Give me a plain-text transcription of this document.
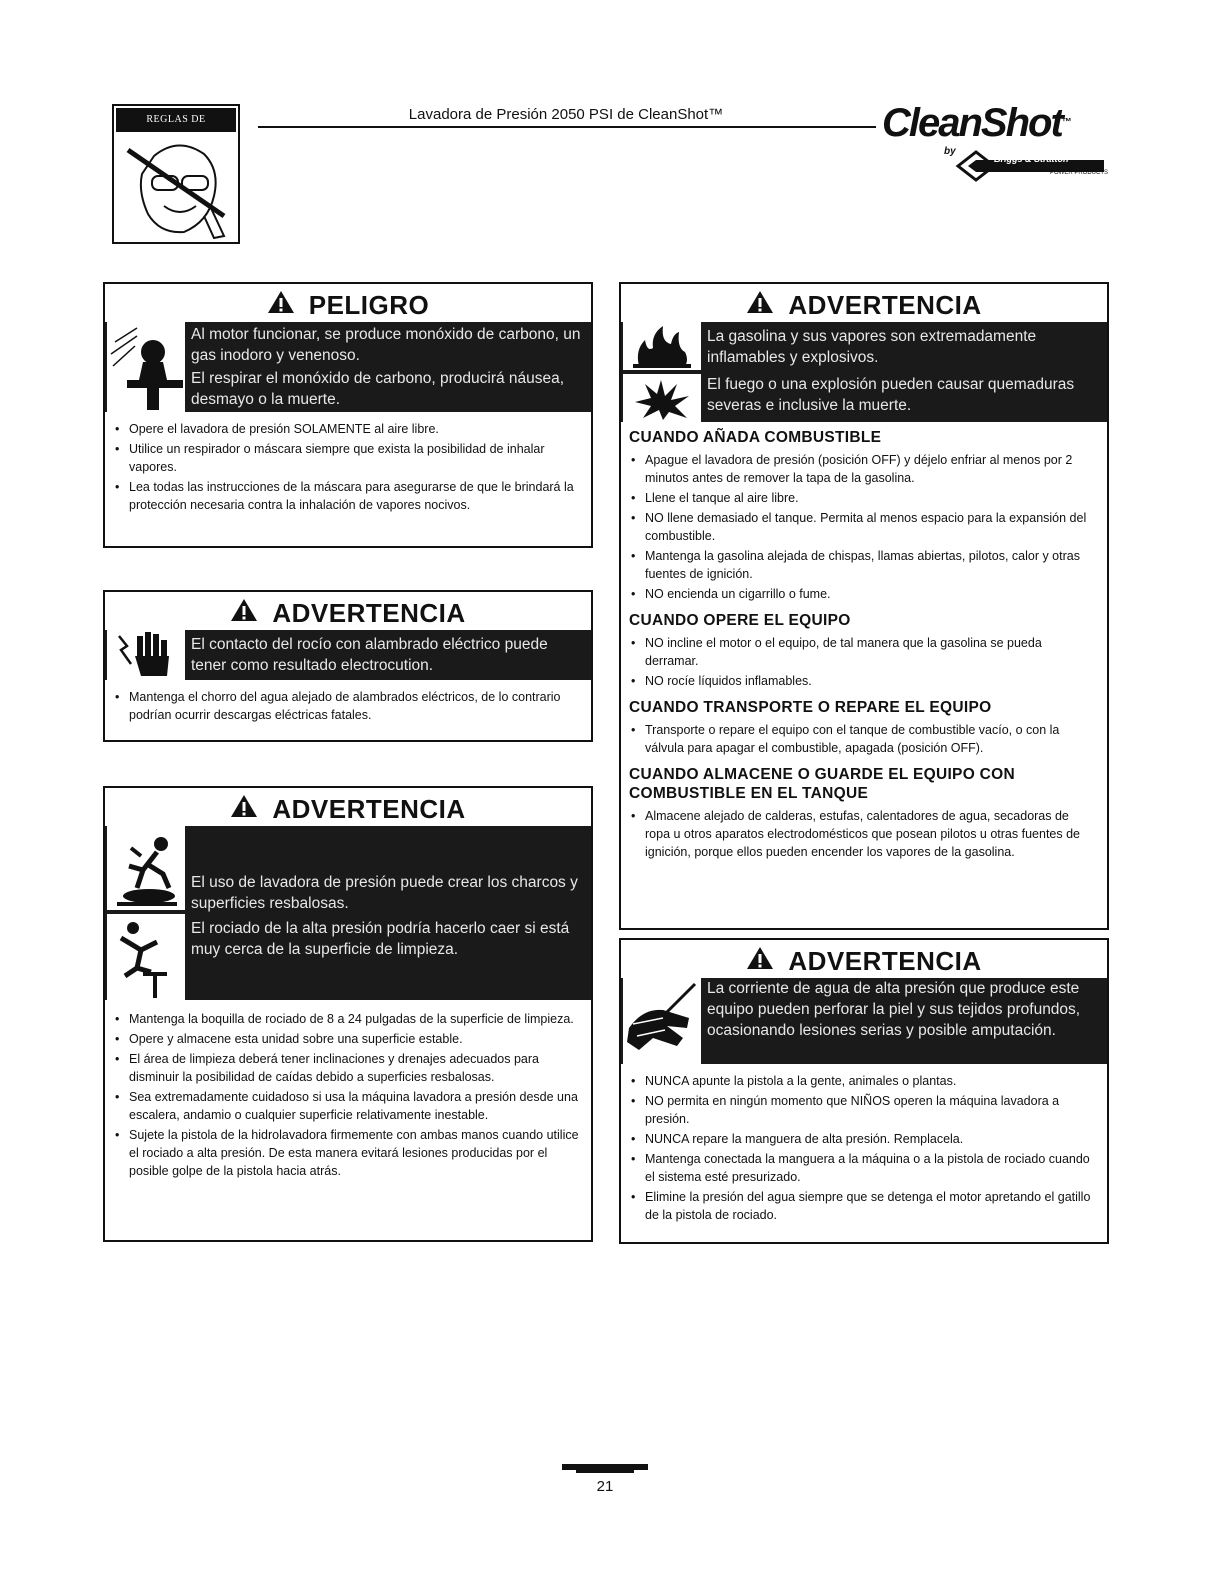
REGLAS DE SEGURIDAD
Lavadora de Presión 2050 PSI de CleanShot™	CleanShot™
by
Briggs & Stratton
POWER PRODUCTS
PELIGRO
Al motor funcionar, se produce monóxido de carbono, un gas inodoro y venenoso.
El respirar el monóxido de carbono, producirá náusea, desmayo o la muerte.
• Opere el lavadora de presión SOLAMENTE al aire libre.
• Utilice un respirador o máscara siempre que exista la posibilidad de inhalar vapores.
• Lea todas las instrucciones de la máscara para asegurarse de que le brindará la protección necesaria contra la inhalación de vapores nocivos.
ADVERTENCIA
El contacto del rocío con alambrado eléctrico puede tener como resultado electrocution.
• Mantenga el chorro del agua alejado de alambrados eléctricos, de lo contrario podrían ocurrir descargas eléctricas fatales.
ADVERTENCIA
El uso de lavadora de presión puede crear los charcos y superficies resbalosas.
El rociado de la alta presión podría hacerlo caer si está muy cerca de la superficie de limpieza.
• Mantenga la boquilla de rociado de 8 a 24 pulgadas de la superficie de limpieza.
• Opere y almacene esta unidad sobre una superficie estable.
• El área de limpieza deberá tener inclinaciones y drenajes adecuados para disminuir la posibilidad de caídas debido a superficies resbalosas.
• Sea extremadamente cuidadoso si usa la máquina lavadora a presión desde una escalera, andamio o cualquier superficie relativamente inestable.
• Sujete la pistola de la hidrolavadora firmemente con ambas manos cuando utilice el rociado a alta presión. De esta manera evitará lesiones producidas por el posible golpe de la pistola hacia atrás.
ADVERTENCIA
La gasolina y sus vapores son extremadamente inflamables y explosivos.
El fuego o una explosión pueden causar quemaduras severas e inclusive la muerte.
CUANDO AÑADA COMBUSTIBLE
• Apague el lavadora de presión (posición OFF) y déjelo enfriar al menos por 2 minutos antes de remover la tapa de la gasolina.
• Llene el tanque al aire libre.
• NO llene demasiado el tanque. Permita al menos espacio para la expansión del combustible.
• Mantenga la gasolina alejada de chispas, llamas abiertas, pilotos, calor y otras fuentes de ignición.
• NO encienda un cigarrillo o fume.
CUANDO OPERE EL EQUIPO
• NO incline el motor o el equipo, de tal manera que la gasolina se pueda derramar.
• NO rocíe líquidos inflamables.
CUANDO TRANSPORTE O REPARE EL EQUIPO
• Transporte o repare el equipo con el tanque de combustible vacío, o con la válvula para apagar el combustible, apagada (posición OFF).
CUANDO ALMACENE O GUARDE EL EQUIPO CON COMBUSTIBLE EN EL TANQUE
• Almacene alejado de calderas, estufas, calentadores de agua, secadoras de ropa u otros aparatos electrodomésticos que posean pilotos u otras fuentes de ignición, porque ellos pueden encender los vapores de la gasolina.
ADVERTENCIA
La corriente de agua de alta presión que produce este equipo pueden perforar la piel y sus tejidos profundos, ocasionando lesiones serias y posible amputación.
• NUNCA apunte la pistola a la gente, animales o plantas.
• NO permita en ningún momento que NIÑOS operen la máquina lavadora a presión.
• NUNCA repare la manguera de alta presión. Remplacela.
• Mantenga conectada la manguera a la máquina o a la pistola de rociado cuando el sistema esté presurizado.
• Elimine la presión del agua siempre que se detenga el motor apretando el gatillo de la pistola de rociado.
21
